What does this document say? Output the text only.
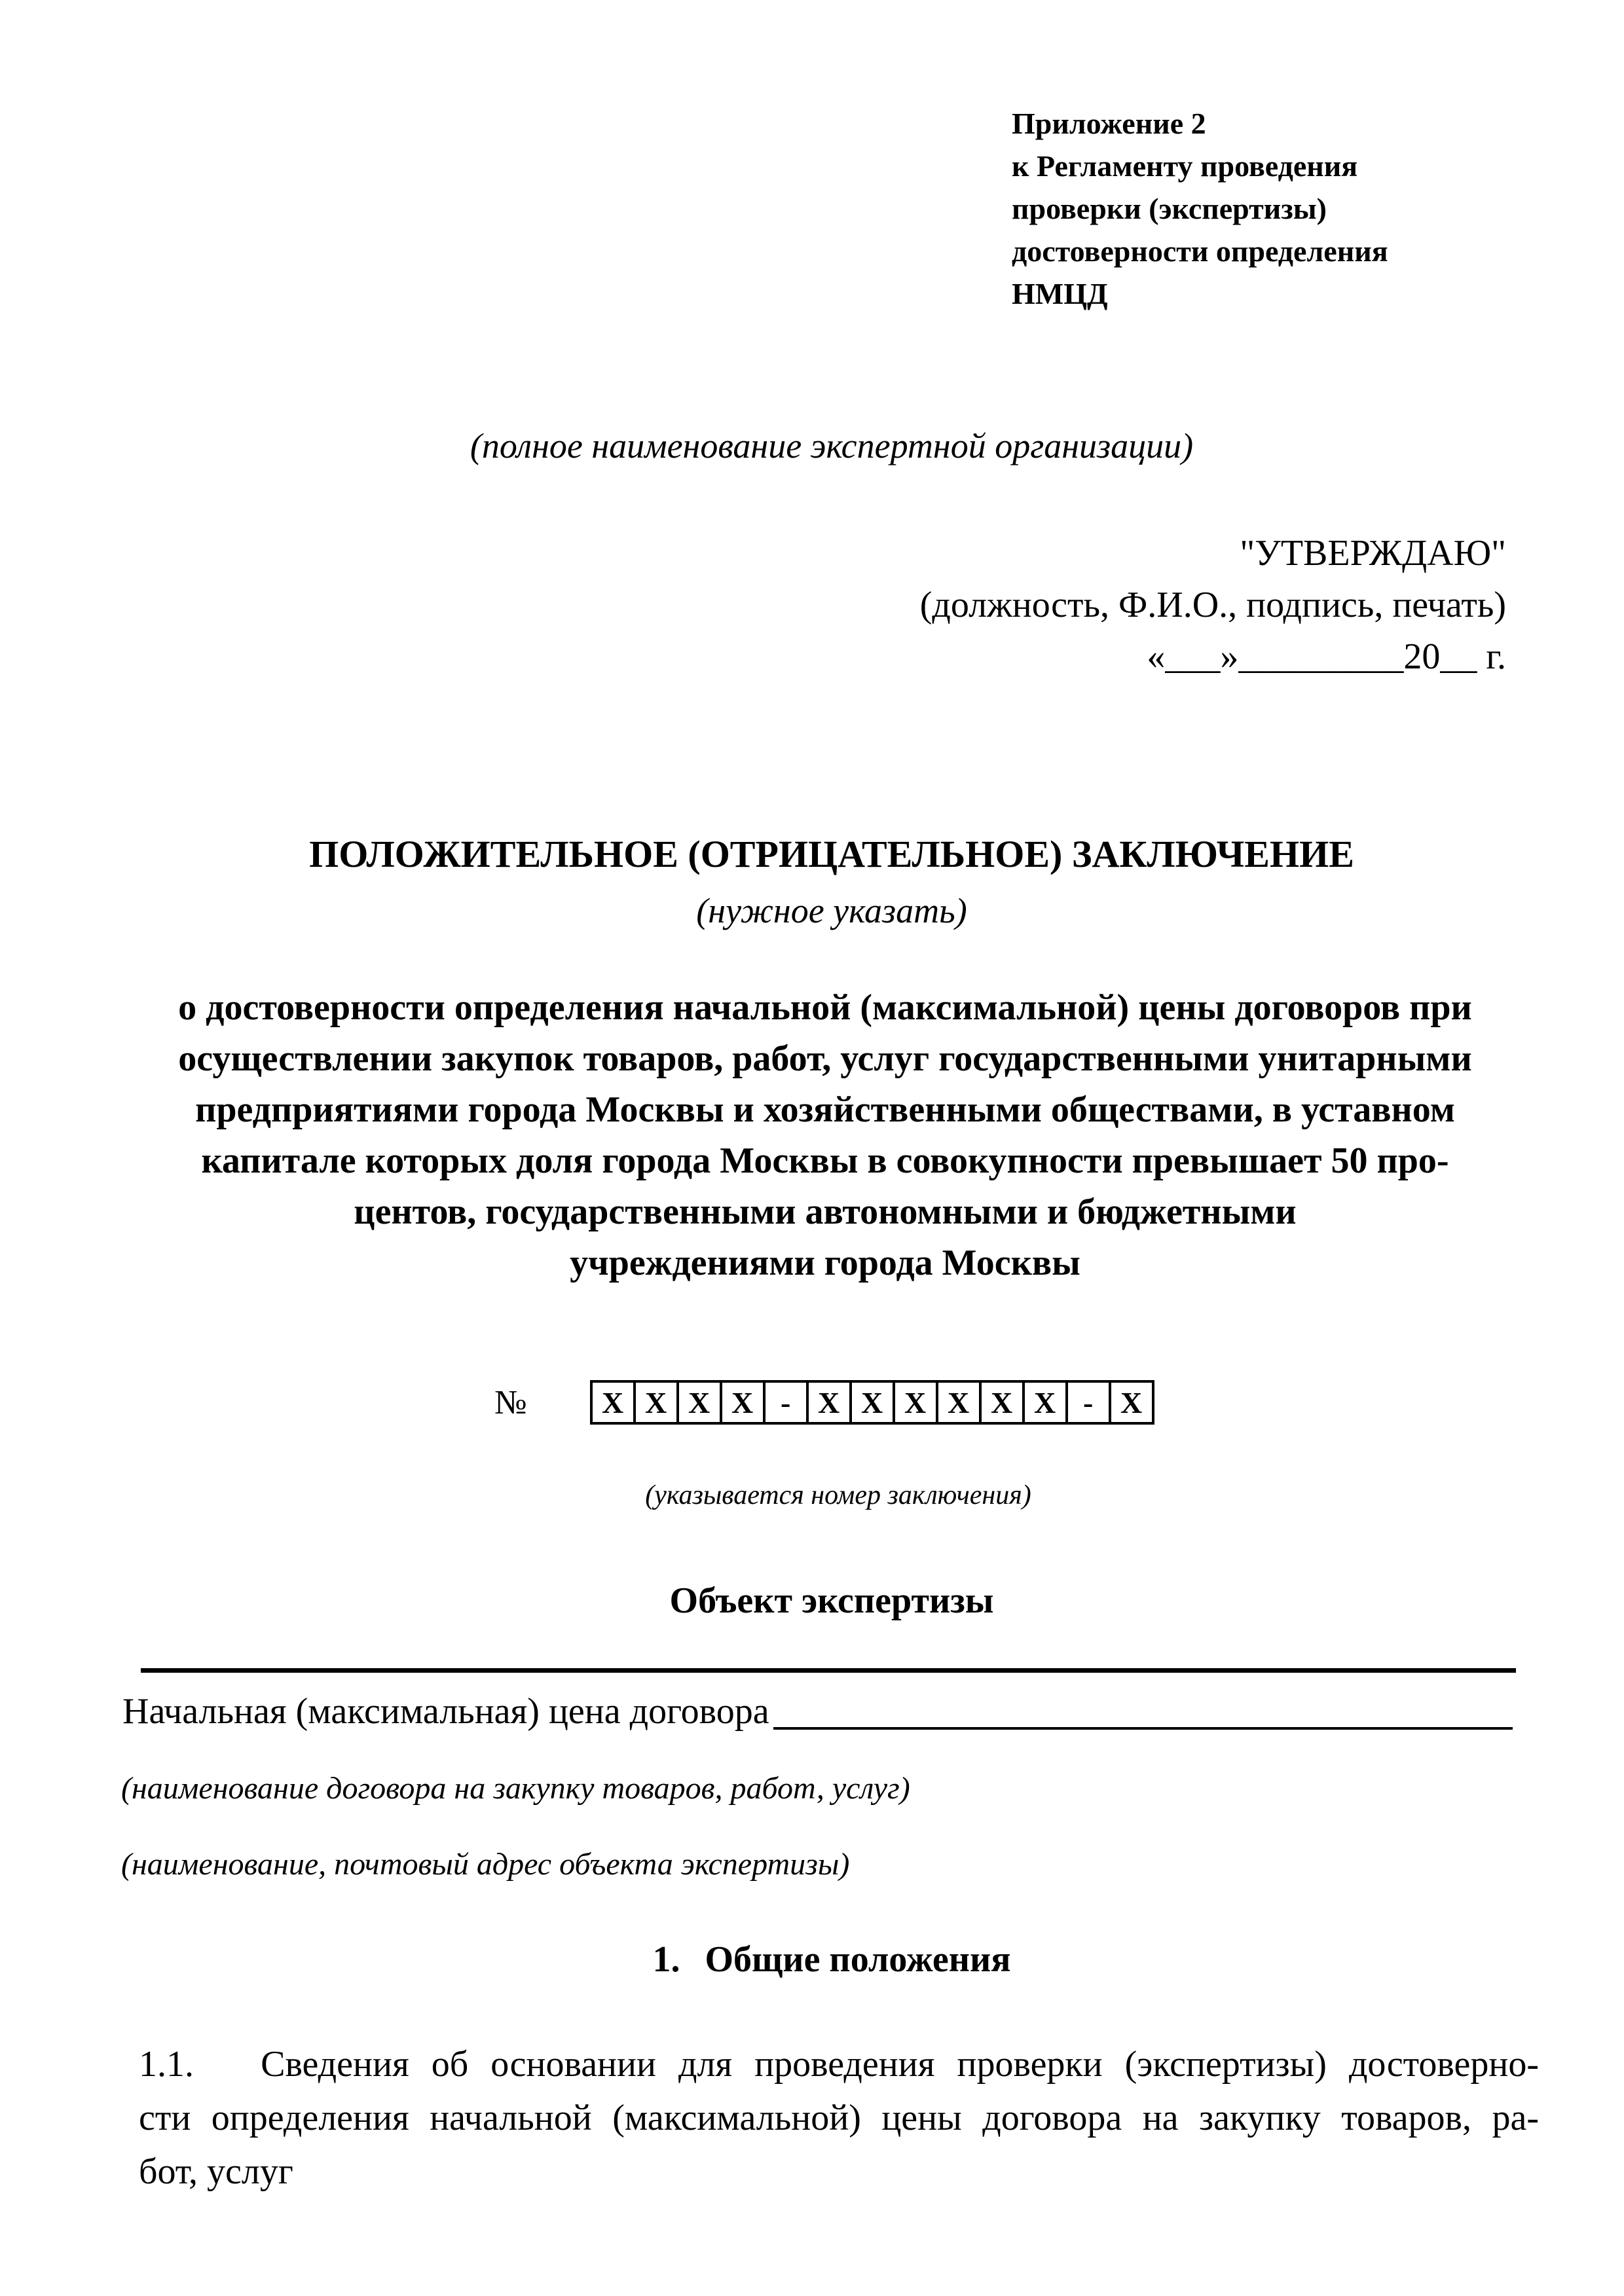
Приложение 2
к Регламенту проведения
проверки (экспертизы)
достоверности определения
НМЦД
(полное наименование экспертной организации)
"УТВЕРЖДАЮ"
(должность, Ф.И.О., подпись, печать)
«___»_________20__ г.
ПОЛОЖИТЕЛЬНОЕ (ОТРИЦАТЕЛЬНОЕ) ЗАКЛЮЧЕНИЕ
(нужное указать)
о достоверности определения начальной (максимальной) цены договоров при
осуществлении закупок товаров, работ, услуг государственными унитарными
предприятиями города Москвы и хозяйственными обществами, в уставном
капитале которых доля города Москвы в совокупности превышает 50 про-
центов, государственными автономными и бюджетными
учреждениями города Москвы
№	X X X X - X X X X X X - X
(указывается номер заключения)
Объект экспертизы
Начальная (максимальная) цена договора
(наименование договора на закупку товаров, работ, услуг)
(наименование, почтовый адрес объекта экспертизы)
1. Общие положения
1.1.   Сведения об основании для проведения проверки (экспертизы) достоверно-
сти определения начальной (максимальной) цены договора на закупку товаров, ра-
бот, услуг
